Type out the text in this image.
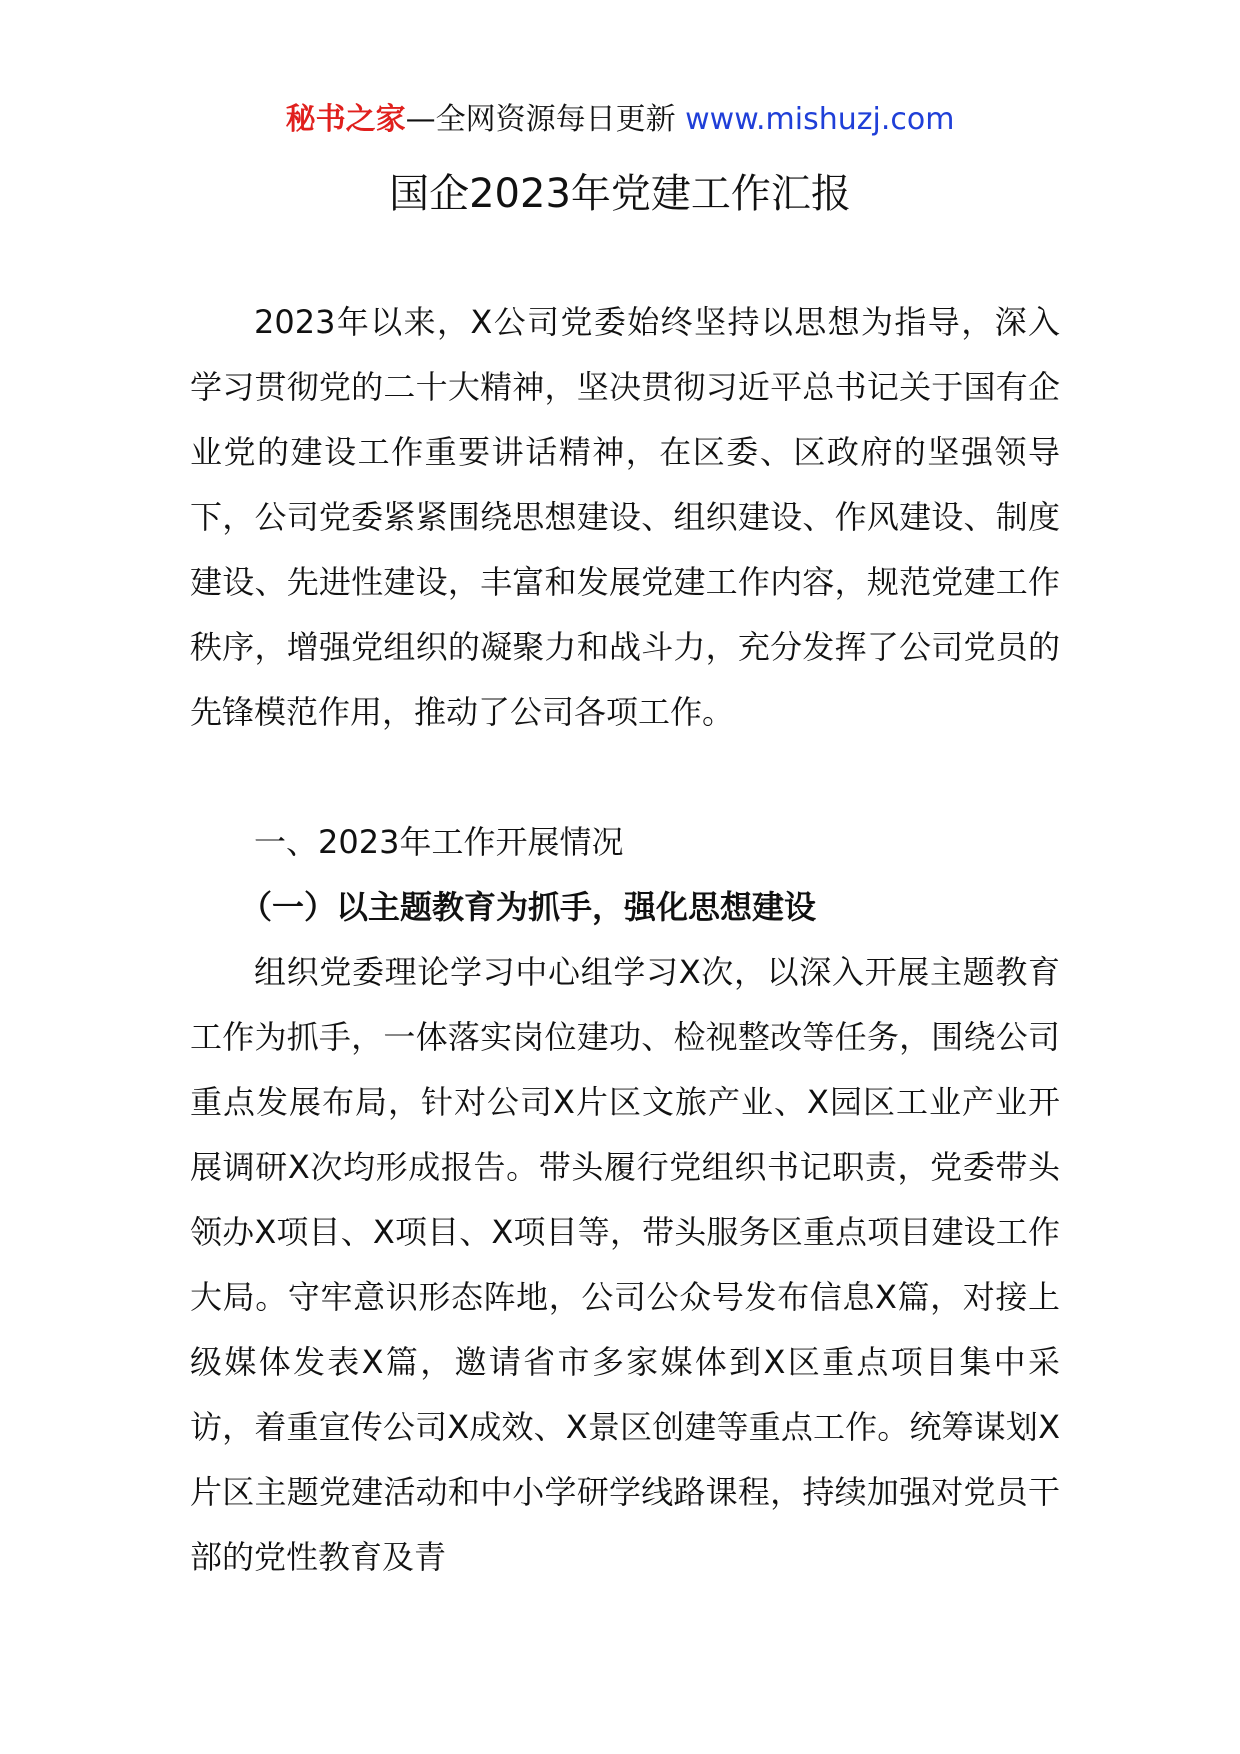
秘书之家—全网资源每日更新 www.mishuzj.com
国企2023年党建工作汇报
2023年以来，X公司党委始终坚持以思想为指导，深入学习贯彻党的二十大精神，坚决贯彻习近平总书记关于国有企业党的建设工作重要讲话精神，在区委、区政府的坚强领导下，公司党委紧紧围绕思想建设、组织建设、作风建设、制度建设、先进性建设，丰富和发展党建工作内容，规范党建工作秩序，增强党组织的凝聚力和战斗力，充分发挥了公司党员的先锋模范作用，推动了公司各项工作。
一、2023年工作开展情况
（一）以主题教育为抓手，强化思想建设
组织党委理论学习中心组学习X次，以深入开展主题教育工作为抓手，一体落实岗位建功、检视整改等任务，围绕公司重点发展布局，针对公司X片区文旅产业、X园区工业产业开展调研X次均形成报告。带头履行党组织书记职责，党委带头领办X项目、X项目、X项目等，带头服务区重点项目建设工作大局。守牢意识形态阵地，公司公众号发布信息X篇，对接上级媒体发表X篇，邀请省市多家媒体到X区重点项目集中采访，着重宣传公司X成效、X景区创建等重点工作。统筹谋划X片区主题党建活动和中小学研学线路课程，持续加强对党员干部的党性教育及青
